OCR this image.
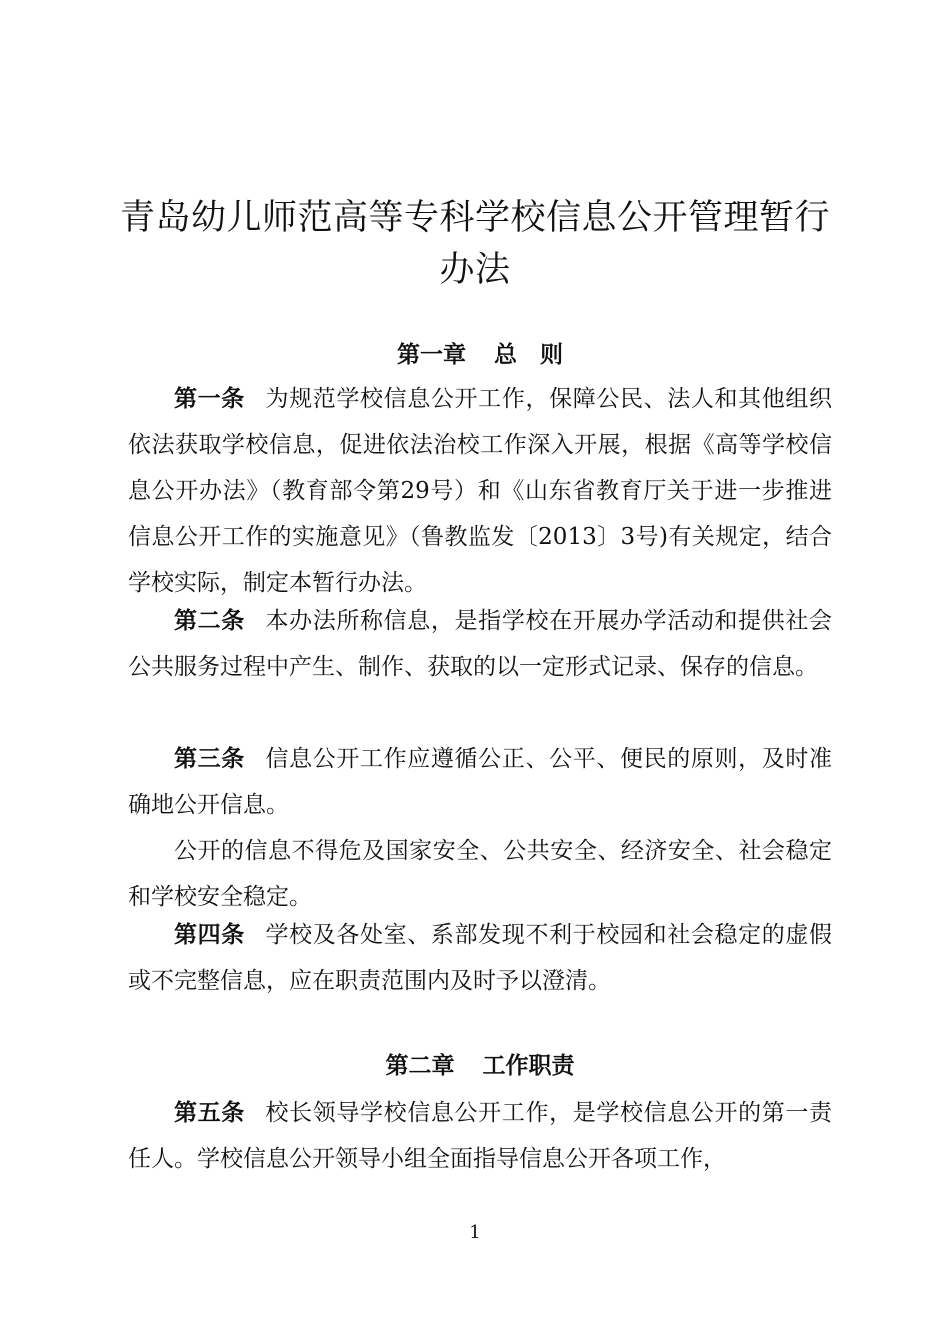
青岛幼儿师范高等专科学校信息公开管理暂行办法
第一章 总　则

第一条 为规范学校信息公开工作，保障公民、法人和其他组织依法获取学校信息，促进依法治校工作深入开展，根据《高等学校信息公开办法》（教育部令第29号）和《山东省教育厅关于进一步推进信息公开工作的实施意见》（鲁教监发〔2013〕3号)有关规定，结合学校实际，制定本暂行办法。

第二条 本办法所称信息，是指学校在开展办学活动和提供社会公共服务过程中产生、制作、获取的以一定形式记录、保存的信息。

第三条 信息公开工作应遵循公正、公平、便民的原则，及时准确地公开信息。

公开的信息不得危及国家安全、公共安全、经济安全、社会稳定和学校安全稳定。

第四条 学校及各处室、系部发现不利于校园和社会稳定的虚假或不完整信息，应在职责范围内及时予以澄清。

第二章 工作职责

第五条 校长领导学校信息公开工作，是学校信息公开的第一责任人。学校信息公开领导小组全面指导信息公开各项工作，

1
